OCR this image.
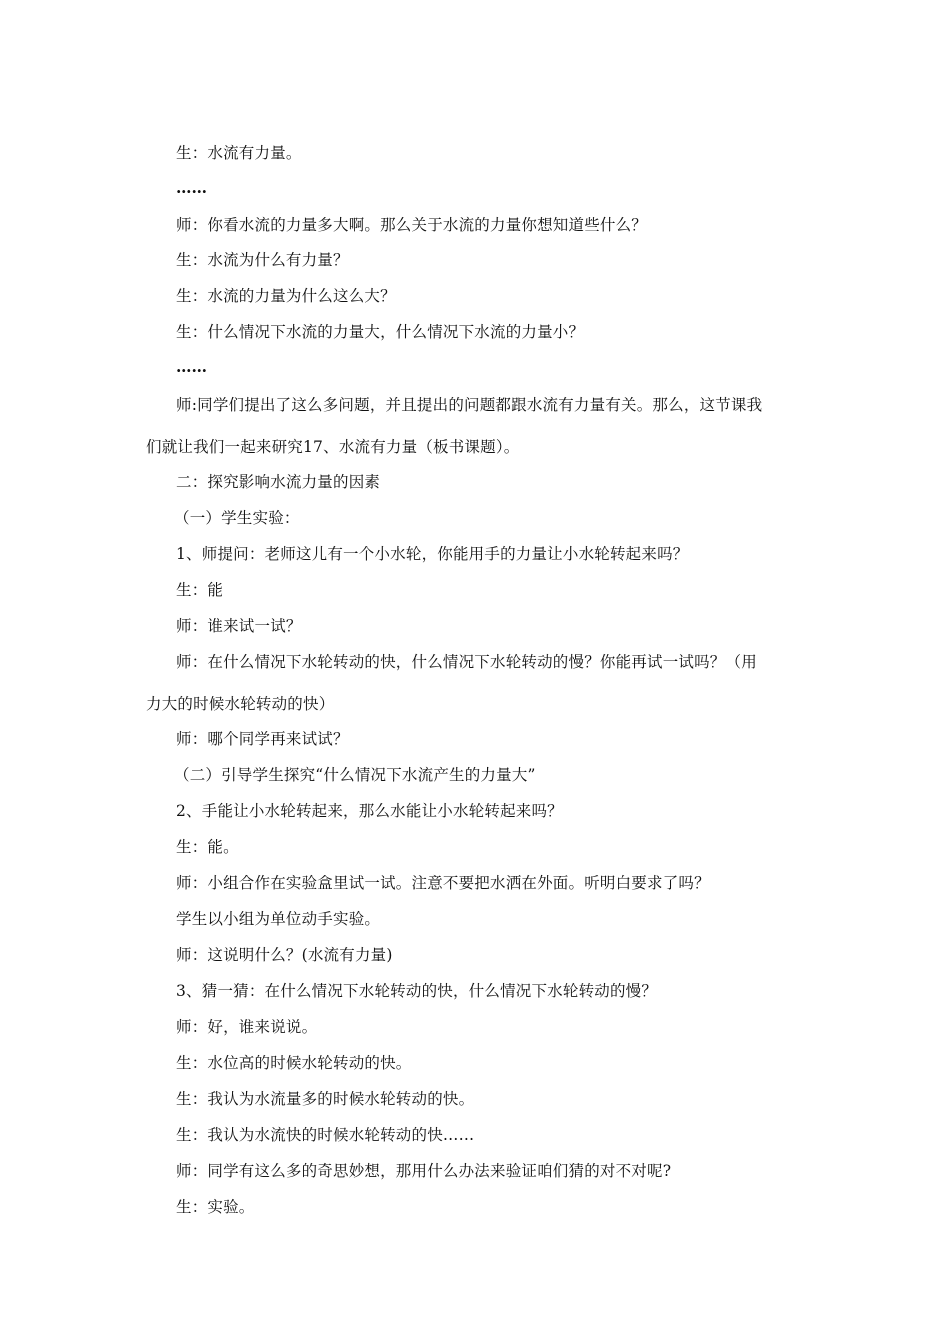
生：水流有力量。

……

师：你看水流的力量多大啊。那么关于水流的力量你想知道些什么？

生：水流为什么有力量？

生：水流的力量为什么这么大？

生：什么情况下水流的力量大，什么情况下水流的力量小？

……

师:同学们提出了这么多问题，并且提出的问题都跟水流有力量有关。那么，这节课我

们就让我们一起来研究17、水流有力量（板书课题）。

二：探究影响水流力量的因素

（一）学生实验：

1、师提问：老师这儿有一个小水轮，你能用手的力量让小水轮转起来吗？

生：能

师：谁来试一试？

师：在什么情况下水轮转动的快，什么情况下水轮转动的慢？你能再试一试吗？（用

力大的时候水轮转动的快）

师：哪个同学再来试试？

（二）引导学生探究“什么情况下水流产生的力量大”

2、手能让小水轮转起来，那么水能让小水轮转起来吗？

生：能。

师：小组合作在实验盒里试一试。注意不要把水洒在外面。听明白要求了吗？

学生以小组为单位动手实验。

师：这说明什么？(水流有力量)

3、猜一猜：在什么情况下水轮转动的快，什么情况下水轮转动的慢？

师：好，谁来说说。

生：水位高的时候水轮转动的快。

生：我认为水流量多的时候水轮转动的快。

生：我认为水流快的时候水轮转动的快……

师：同学有这么多的奇思妙想，那用什么办法来验证咱们猜的对不对呢?

生：实验。
